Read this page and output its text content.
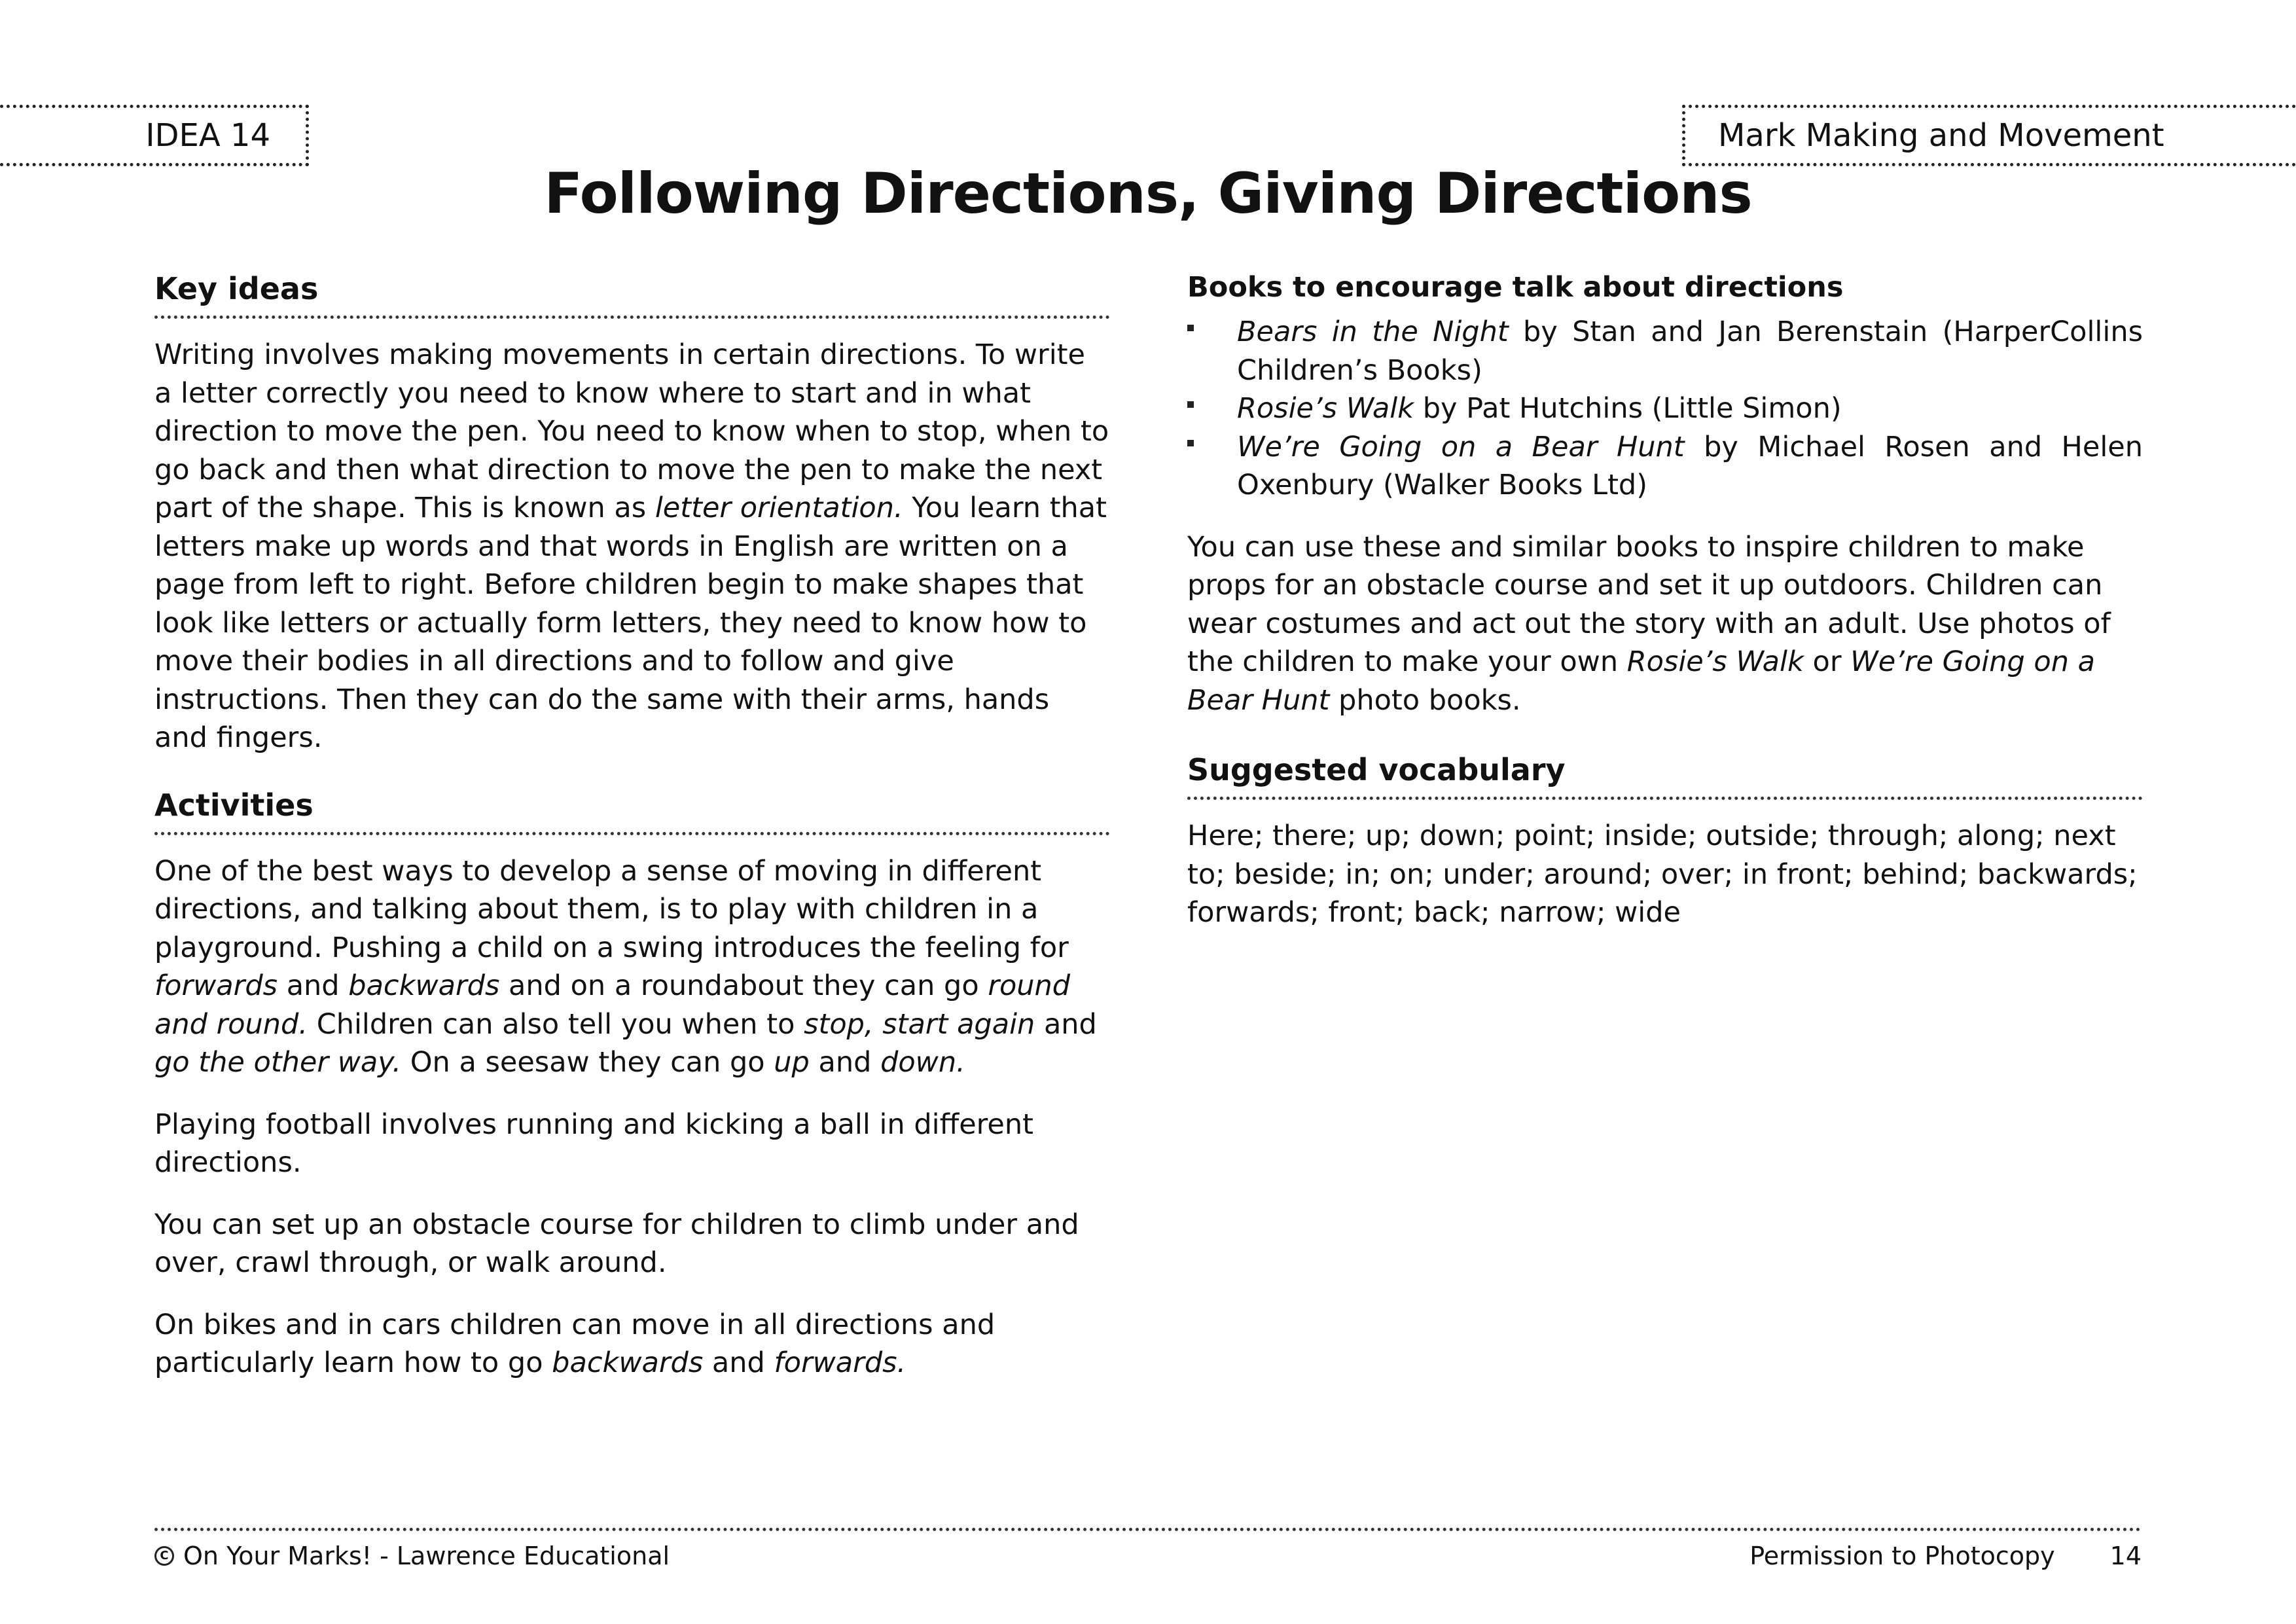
IDEA 14	Mark Making and Movement
Following Directions, Giving Directions
Key ideas

Writing involves making movements in certain directions. To write a letter correctly you need to know where to start and in what direction to move the pen. You need to know when to stop, when to go back and then what direction to move the pen to make the next part of the shape. This is known as letter orientation. You learn that letters make up words and that words in English are written on a page from left to right. Before children begin to make shapes that look like letters or actually form letters, they need to know how to move their bodies in all directions and to follow and give instructions. Then they can do the same with their arms, hands and fingers.

Activities

One of the best ways to develop a sense of moving in different directions, and talking about them, is to play with children in a playground. Pushing a child on a swing introduces the feeling for forwards and backwards and on a roundabout they can go round and round. Children can also tell you when to stop, start again and go the other way. On a seesaw they can go up and down.

Playing football involves running and kicking a ball in different directions.

You can set up an obstacle course for children to climb under and over, crawl through, or walk around.

On bikes and in cars children can move in all directions and particularly learn how to go backwards and forwards.

Books to encourage talk about directions
Bears in the Night by Stan and Jan Berenstain (HarperCollins Children’s Books)
Rosie’s Walk by Pat Hutchins (Little Simon)
We’re Going on a Bear Hunt by Michael Rosen and Helen Oxenbury (Walker Books Ltd)

You can use these and similar books to inspire children to make props for an obstacle course and set it up outdoors. Children can wear costumes and act out the story with an adult. Use photos of the children to make your own Rosie’s Walk or We’re Going on a Bear Hunt photo books.

Suggested vocabulary

Here; there; up; down; point; inside; outside; through; along; next to; beside; in; on; under; around; over; in front; behind; backwards; forwards; front; back; narrow; wide

C On Your Marks! - Lawrence Educational	Permission to Photocopy 14
